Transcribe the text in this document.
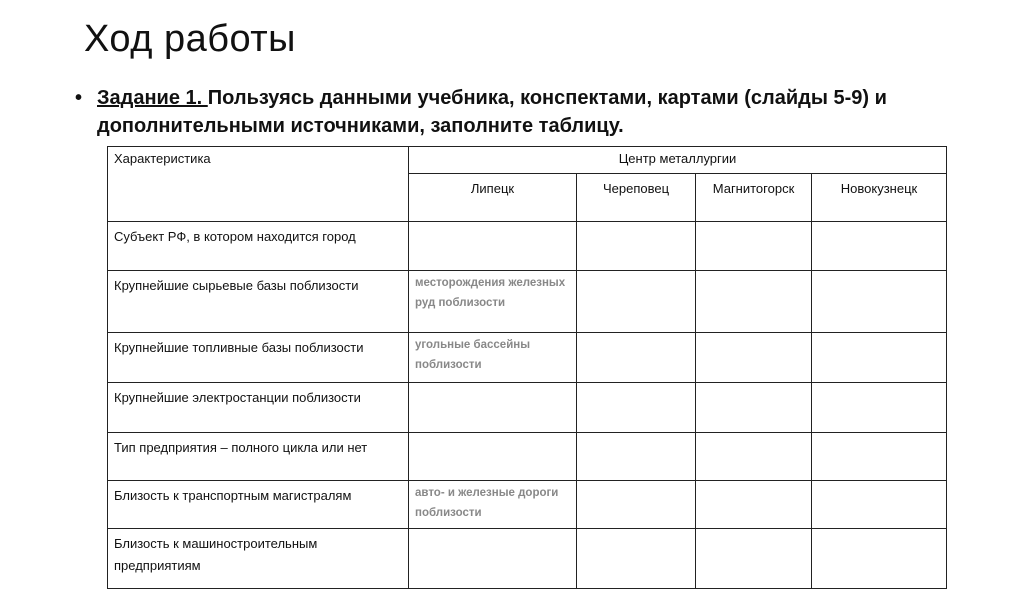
Ход работы
• Задание 1. Пользуясь данными учебника, конспектами, картами (слайды 5-9) и дополнительными источниками, заполните таблицу.
Характеристика	Центр металлургии			
	Липецк	Череповец	Магнитогорск	Новокузнецк
Субъект РФ, в котором находится город				
Крупнейшие сырьевые базы поблизости	месторождения железных руд поблизости			
Крупнейшие топливные базы поблизости	угольные бассейны поблизости			
Крупнейшие электростанции поблизости				
Тип предприятия – полного цикла или нет				
Близость к транспортным магистралям	авто- и железные дороги поблизости			
Близость к машиностроительным предприятиям				
